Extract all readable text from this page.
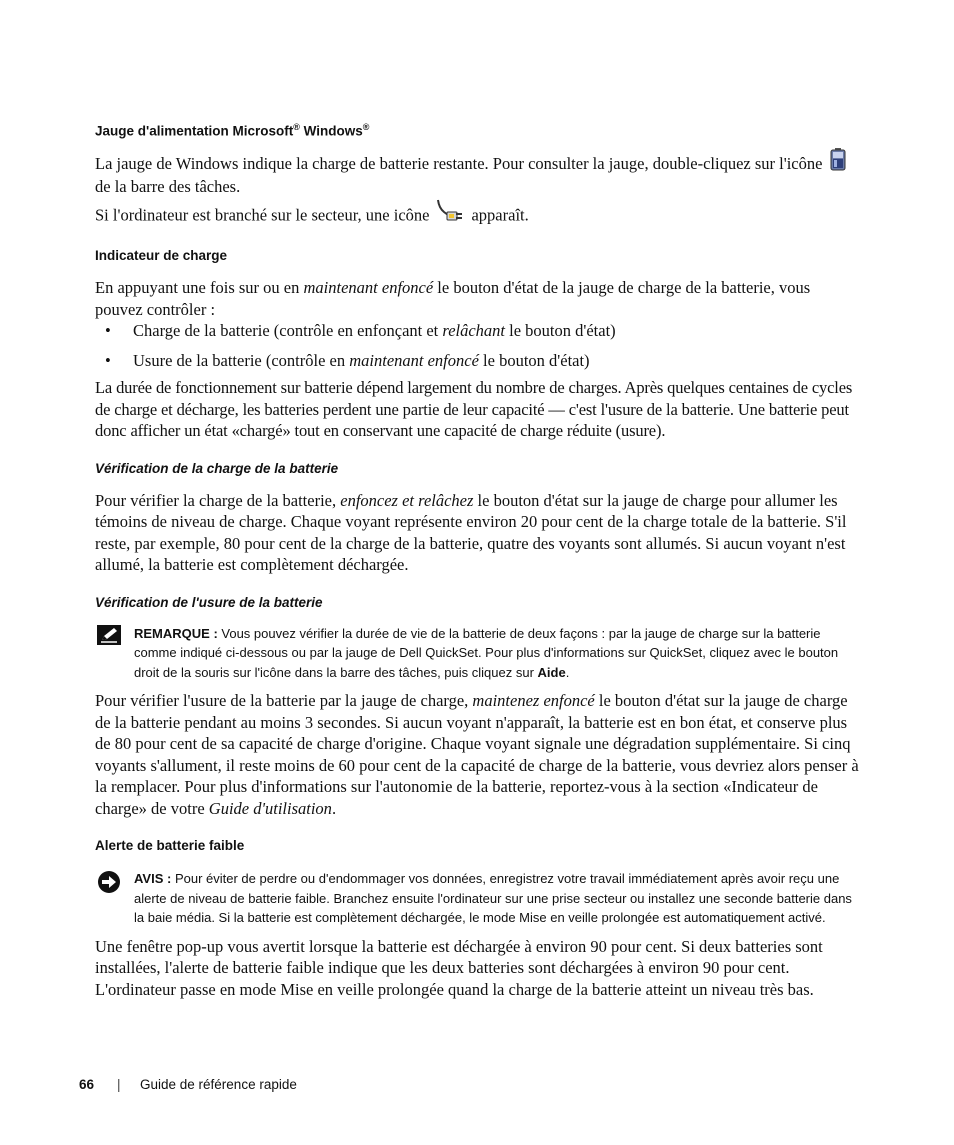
Jauge d'alimentation Microsoft® Windows®

La jauge de Windows indique la charge de batterie restante. Pour consulter la jauge, double-cliquez sur l'icônede la barre des tâches.

Si l'ordinateur est branché sur le secteur, une icône	apparaît.

Indicateur de charge

En appuyant une fois sur ou en maintenant enfoncé le bouton d'état de la jauge de charge de la batterie, vous pouvez contrôler :

• Charge de la batterie (contrôle en enfonçant et relâchant le bouton d'état)
• Usure de la batterie (contrôle en maintenant enfoncé le bouton d'état)

La durée de fonctionnement sur batterie dépend largement du nombre de charges. Après quelques centaines de cycles de charge et décharge, les batteries perdent une partie de leur capacité — c'est l'usure de la batterie. Une batterie peut donc afficher un état «chargé» tout en conservant une capacité de charge réduite (usure).

Vérification de la charge de la batterie

Pour vérifier la charge de la batterie, enfoncez et relâchez le bouton d'état sur la jauge de charge pour allumer les témoins de niveau de charge. Chaque voyant représente environ 20 pour cent de la charge totale de la batterie. S'il reste, par exemple, 80 pour cent de la charge de la batterie, quatre des voyants sont allumés. Si aucun voyant n'est allumé, la batterie est complètement déchargée.

Vérification de l'usure de la batterie
REMARQUE : Vous pouvez vérifier la durée de vie de la batterie de deux façons : par la jauge de charge sur la batterie comme indiqué ci-dessous ou par la jauge de Dell QuickSet. Pour plus d'informations sur QuickSet, cliquez avec le bouton droit de la souris sur l'icône dans la barre des tâches, puis cliquez sur Aide.

Pour vérifier l'usure de la batterie par la jauge de charge, maintenez enfoncé le bouton d'état sur la jauge de charge de la batterie pendant au moins 3 secondes. Si aucun voyant n'apparaît, la batterie est en bon état, et conserve plus de 80 pour cent de sa capacité de charge d'origine. Chaque voyant signale une dégradation supplémentaire. Si cinq voyants s'allument, il reste moins de 60 pour cent de la capacité de charge de la batterie, vous devriez alors penser à la remplacer. Pour plus d'informations sur l'autonomie de la batterie, reportez-vous à la section «Indicateur de charge» de votre Guide d'utilisation.

Alerte de batterie faible
AVIS : Pour éviter de perdre ou d'endommager vos données, enregistrez votre travail immédiatement après avoir reçu une alerte de niveau de batterie faible. Branchez ensuite l'ordinateur sur une prise secteur ou installez une seconde batterie dans la baie média. Si la batterie est complètement déchargée, le mode Mise en veille prolongée est automatiquement activé.

Une fenêtre pop-up vous avertit lorsque la batterie est déchargée à environ 90 pour cent. Si deux batteries sont installées, l'alerte de batterie faible indique que les deux batteries sont déchargées à environ 90 pour cent. L'ordinateur passe en mode Mise en veille prolongée quand la charge de la batterie atteint un niveau très bas.

66 | Guide de référence rapide
